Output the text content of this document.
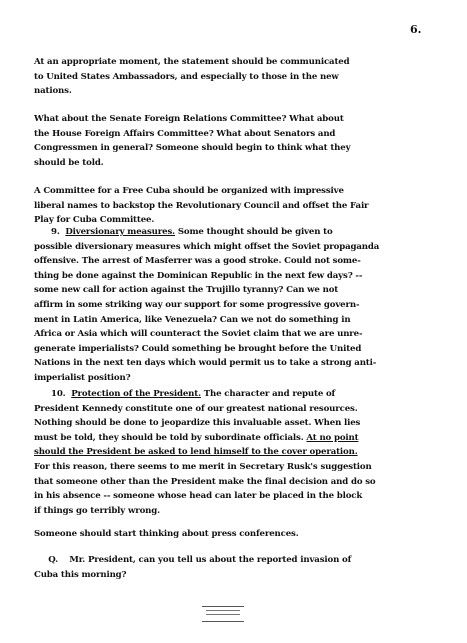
6.

At an appropriate moment, the statement should be communicated

to United States Ambassadors, and especially to those in the new

nations.

What about the Senate Foreign Relations Committee? What about

the House Foreign Affairs Committee? What about Senators and

Congressmen in general? Someone should begin to think what they

should be told.

A Committee for a Free Cuba should be organized with impressive

liberal names to backstop the Revolutionary Council and offset the Fair

Play for Cuba Committee.

9. Diversionary measures. Some thought should be given to

possible diversionary measures which might offset the Soviet propaganda

offensive. The arrest of Masferrer was a good stroke. Could not some-

thing be done against the Dominican Republic in the next few days? --

some new call for action against the Trujillo tyranny? Can we not

affirm in some striking way our support for some progressive govern-

ment in Latin America, like Venezuela? Can we not do something in

Africa or Asia which will counteract the Soviet claim that we are unre-

generate imperialists? Could something be brought before the United

Nations in the next ten days which would permit us to take a strong anti-

imperialist position?

10. Protection of the President. The character and repute of

President Kennedy constitute one of our greatest national resources.

Nothing should be done to jeopardize this invaluable asset. When lies

must be told, they should be told by subordinate officials. At no point

should the President be asked to lend himself to the cover operation.

For this reason, there seems to me merit in Secretary Rusk's suggestion

that someone other than the President make the final decision and do so

in his absence -- someone whose head can later be placed in the block

if things go terribly wrong.

Someone should start thinking about press conferences.

Q.    Mr. President, can you tell us about the reported invasion of

Cuba this morning?
